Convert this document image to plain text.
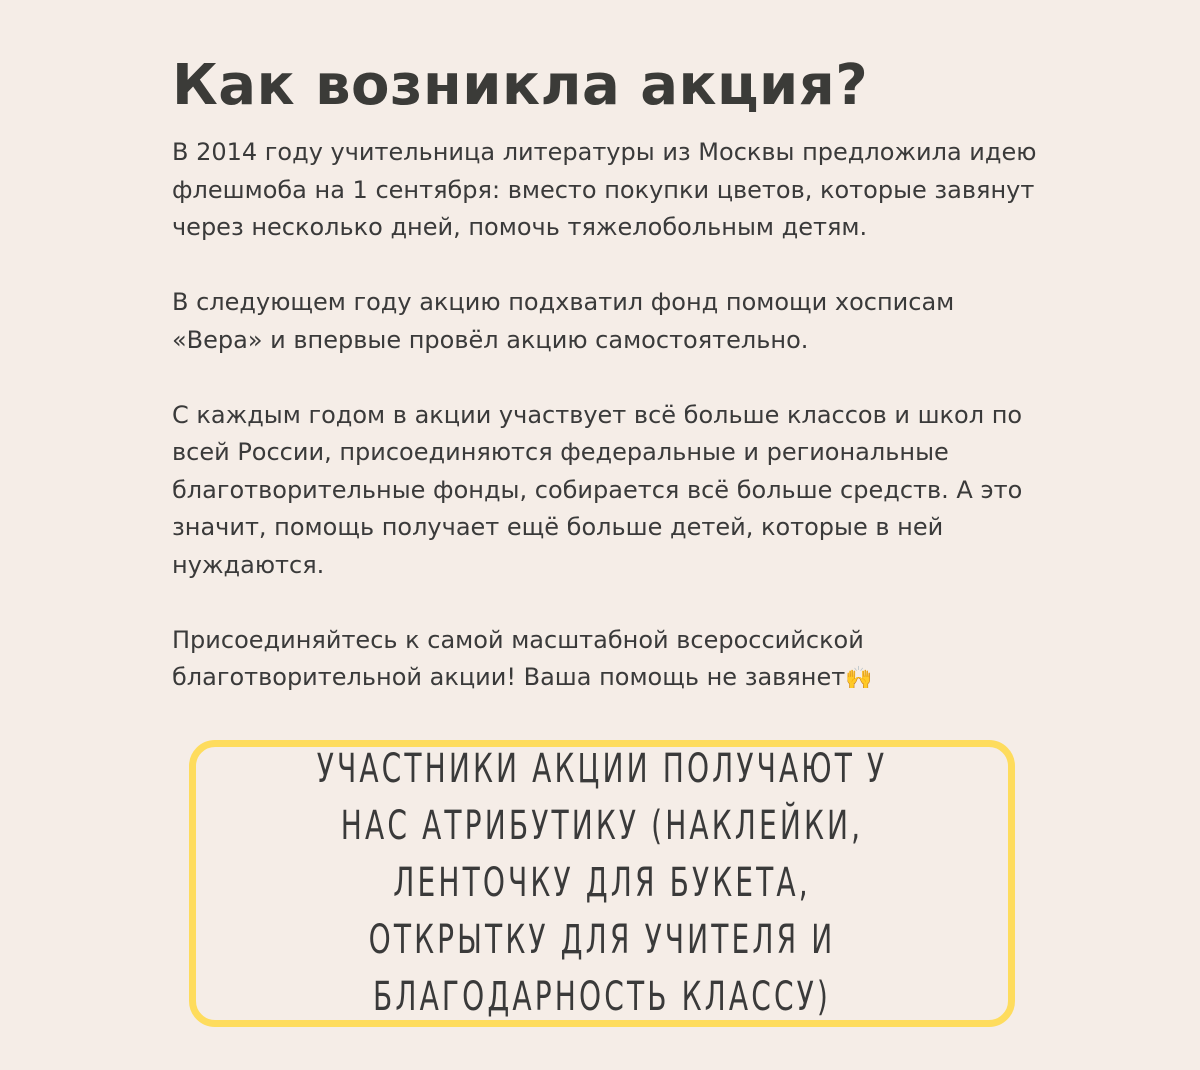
Как возникла акция?

В 2014 году учительница литературы из Москвы предложила идею флешмоба на 1 сентября: вместо покупки цветов, которые завянут через несколько дней, помочь тяжелобольным детям.

В следующем году акцию подхватил фонд помощи хосписам «Вера» и впервые провёл акцию самостоятельно.

С каждым годом в акции участвует всё больше классов и школ по всей России, присоединяются федеральные и региональные благотворительные фонды, собирается всё больше средств. А это значит, помощь получает ещё больше детей, которые в ней нуждаются.

Присоединяйтесь к самой масштабной всероссийской благотворительной акции! Ваша помощь не завянет🙌

УЧАСТНИКИ АКЦИИ ПОЛУЧАЮТ У НАС АТРИБУТИКУ (НАКЛЕЙКИ, ЛЕНТОЧКУ ДЛЯ БУКЕТА, ОТКРЫТКУ ДЛЯ УЧИТЕЛЯ И БЛАГОДАРНОСТЬ КЛАССУ)
